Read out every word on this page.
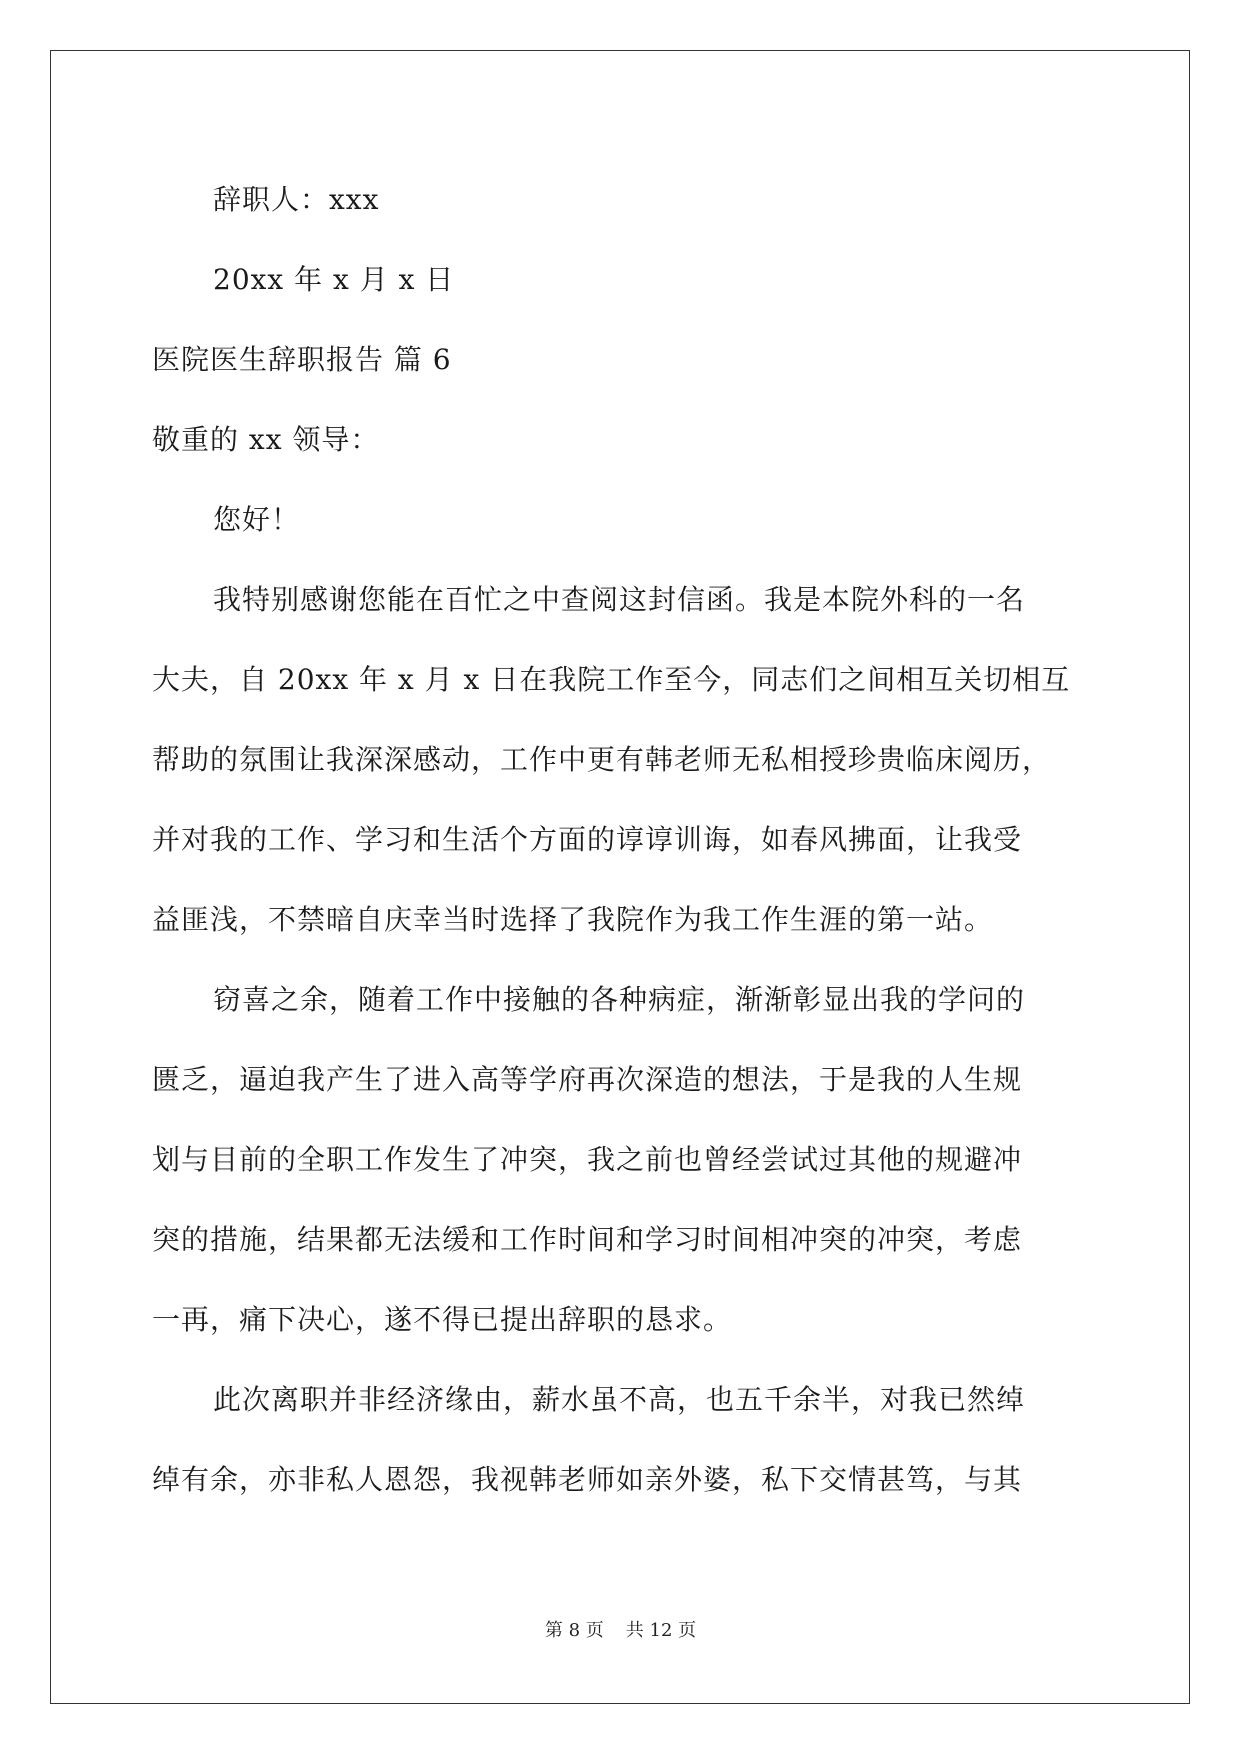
辞职人：xxx
20xx 年 x 月 x 日
医院医生辞职报告 篇 6
敬重的 xx 领导：
您好！
我特别感谢您能在百忙之中查阅这封信函。我是本院外科的一名
大夫，自 20xx 年 x 月 x 日在我院工作至今，同志们之间相互关切相互
帮助的氛围让我深深感动，工作中更有韩老师无私相授珍贵临床阅历，
并对我的工作、学习和生活个方面的谆谆训诲，如春风拂面，让我受
益匪浅，不禁暗自庆幸当时选择了我院作为我工作生涯的第一站。
窃喜之余，随着工作中接触的各种病症，渐渐彰显出我的学问的
匮乏，逼迫我产生了进入高等学府再次深造的想法，于是我的人生规
划与目前的全职工作发生了冲突，我之前也曾经尝试过其他的规避冲
突的措施，结果都无法缓和工作时间和学习时间相冲突的冲突，考虑
一再，痛下决心，遂不得已提出辞职的恳求。
此次离职并非经济缘由，薪水虽不高，也五千余半，对我已然绰
绰有余，亦非私人恩怨，我视韩老师如亲外婆，私下交情甚笃，与其
第 8 页 共 12 页
